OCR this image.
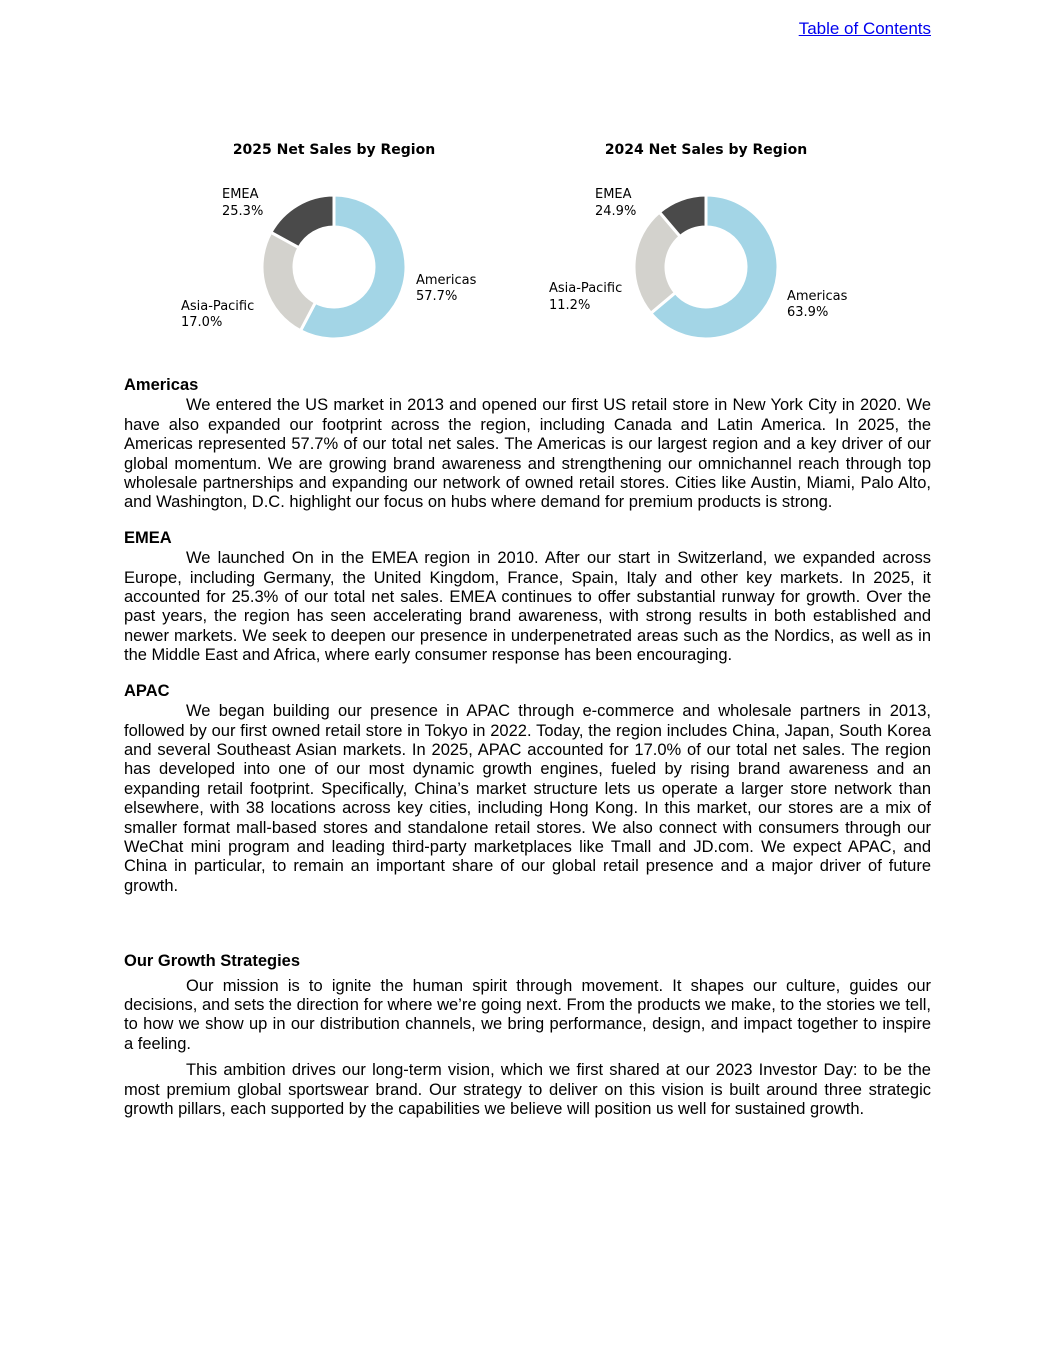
Table of Contents
2025 Net Sales by Region
EMEA
25.3%
Americas
57.7%
Asia-Pacific
17.0%
2024 Net Sales by Region
EMEA
24.9%
Asia-Pacific
11.2%
Americas
63.9%
Americas

We entered the US market in 2013 and opened our first US retail store in New York City in 2020. We have also expanded our footprint across the region, including Canada and Latin America. In 2025, the Americas represented 57.7% of our total net sales. The Americas is our largest region and a key driver of our global momentum. We are growing brand awareness and strengthening our omnichannel reach through top wholesale partnerships and expanding our network of owned retail stores. Cities like Austin, Miami, Palo Alto, and Washington, D.C. highlight our focus on hubs where demand for premium products is strong.

EMEA

We launched On in the EMEA region in 2010. After our start in Switzerland, we expanded across Europe, including Germany, the United Kingdom, France, Spain, Italy and other key markets. In 2025, it accounted for 25.3% of our total net sales. EMEA continues to offer substantial runway for growth. Over the past years, the region has seen accelerating brand awareness, with strong results in both established and newer markets. We seek to deepen our presence in underpenetrated areas such as the Nordics, as well as in the Middle East and Africa, where early consumer response has been encouraging.

APAC

We began building our presence in APAC through e-commerce and wholesale partners in 2013, followed by our first owned retail store in Tokyo in 2022. Today, the region includes China, Japan, South Korea and several Southeast Asian markets. In 2025, APAC accounted for 17.0% of our total net sales. The region has developed into one of our most dynamic growth engines, fueled by rising brand awareness and an expanding retail footprint. Specifically, China’s market structure lets us operate a larger store network than elsewhere, with 38 locations across key cities, including Hong Kong. In this market, our stores are a mix of smaller format mall-based stores and standalone retail stores. We also connect with consumers through our WeChat mini program and leading third-party marketplaces like Tmall and JD.com. We expect APAC, and China in particular, to remain an important share of our global retail presence and a major driver of future growth.

Our Growth Strategies

Our mission is to ignite the human spirit through movement. It shapes our culture, guides our decisions, and sets the direction for where we’re going next. From the products we make, to the stories we tell, to how we show up in our distribution channels, we bring performance, design, and impact together to inspire a feeling.

This ambition drives our long-term vision, which we first shared at our 2023 Investor Day: to be the most premium global sportswear brand. Our strategy to deliver on this vision is built around three strategic growth pillars, each supported by the capabilities we believe will position us well for sustained growth.
